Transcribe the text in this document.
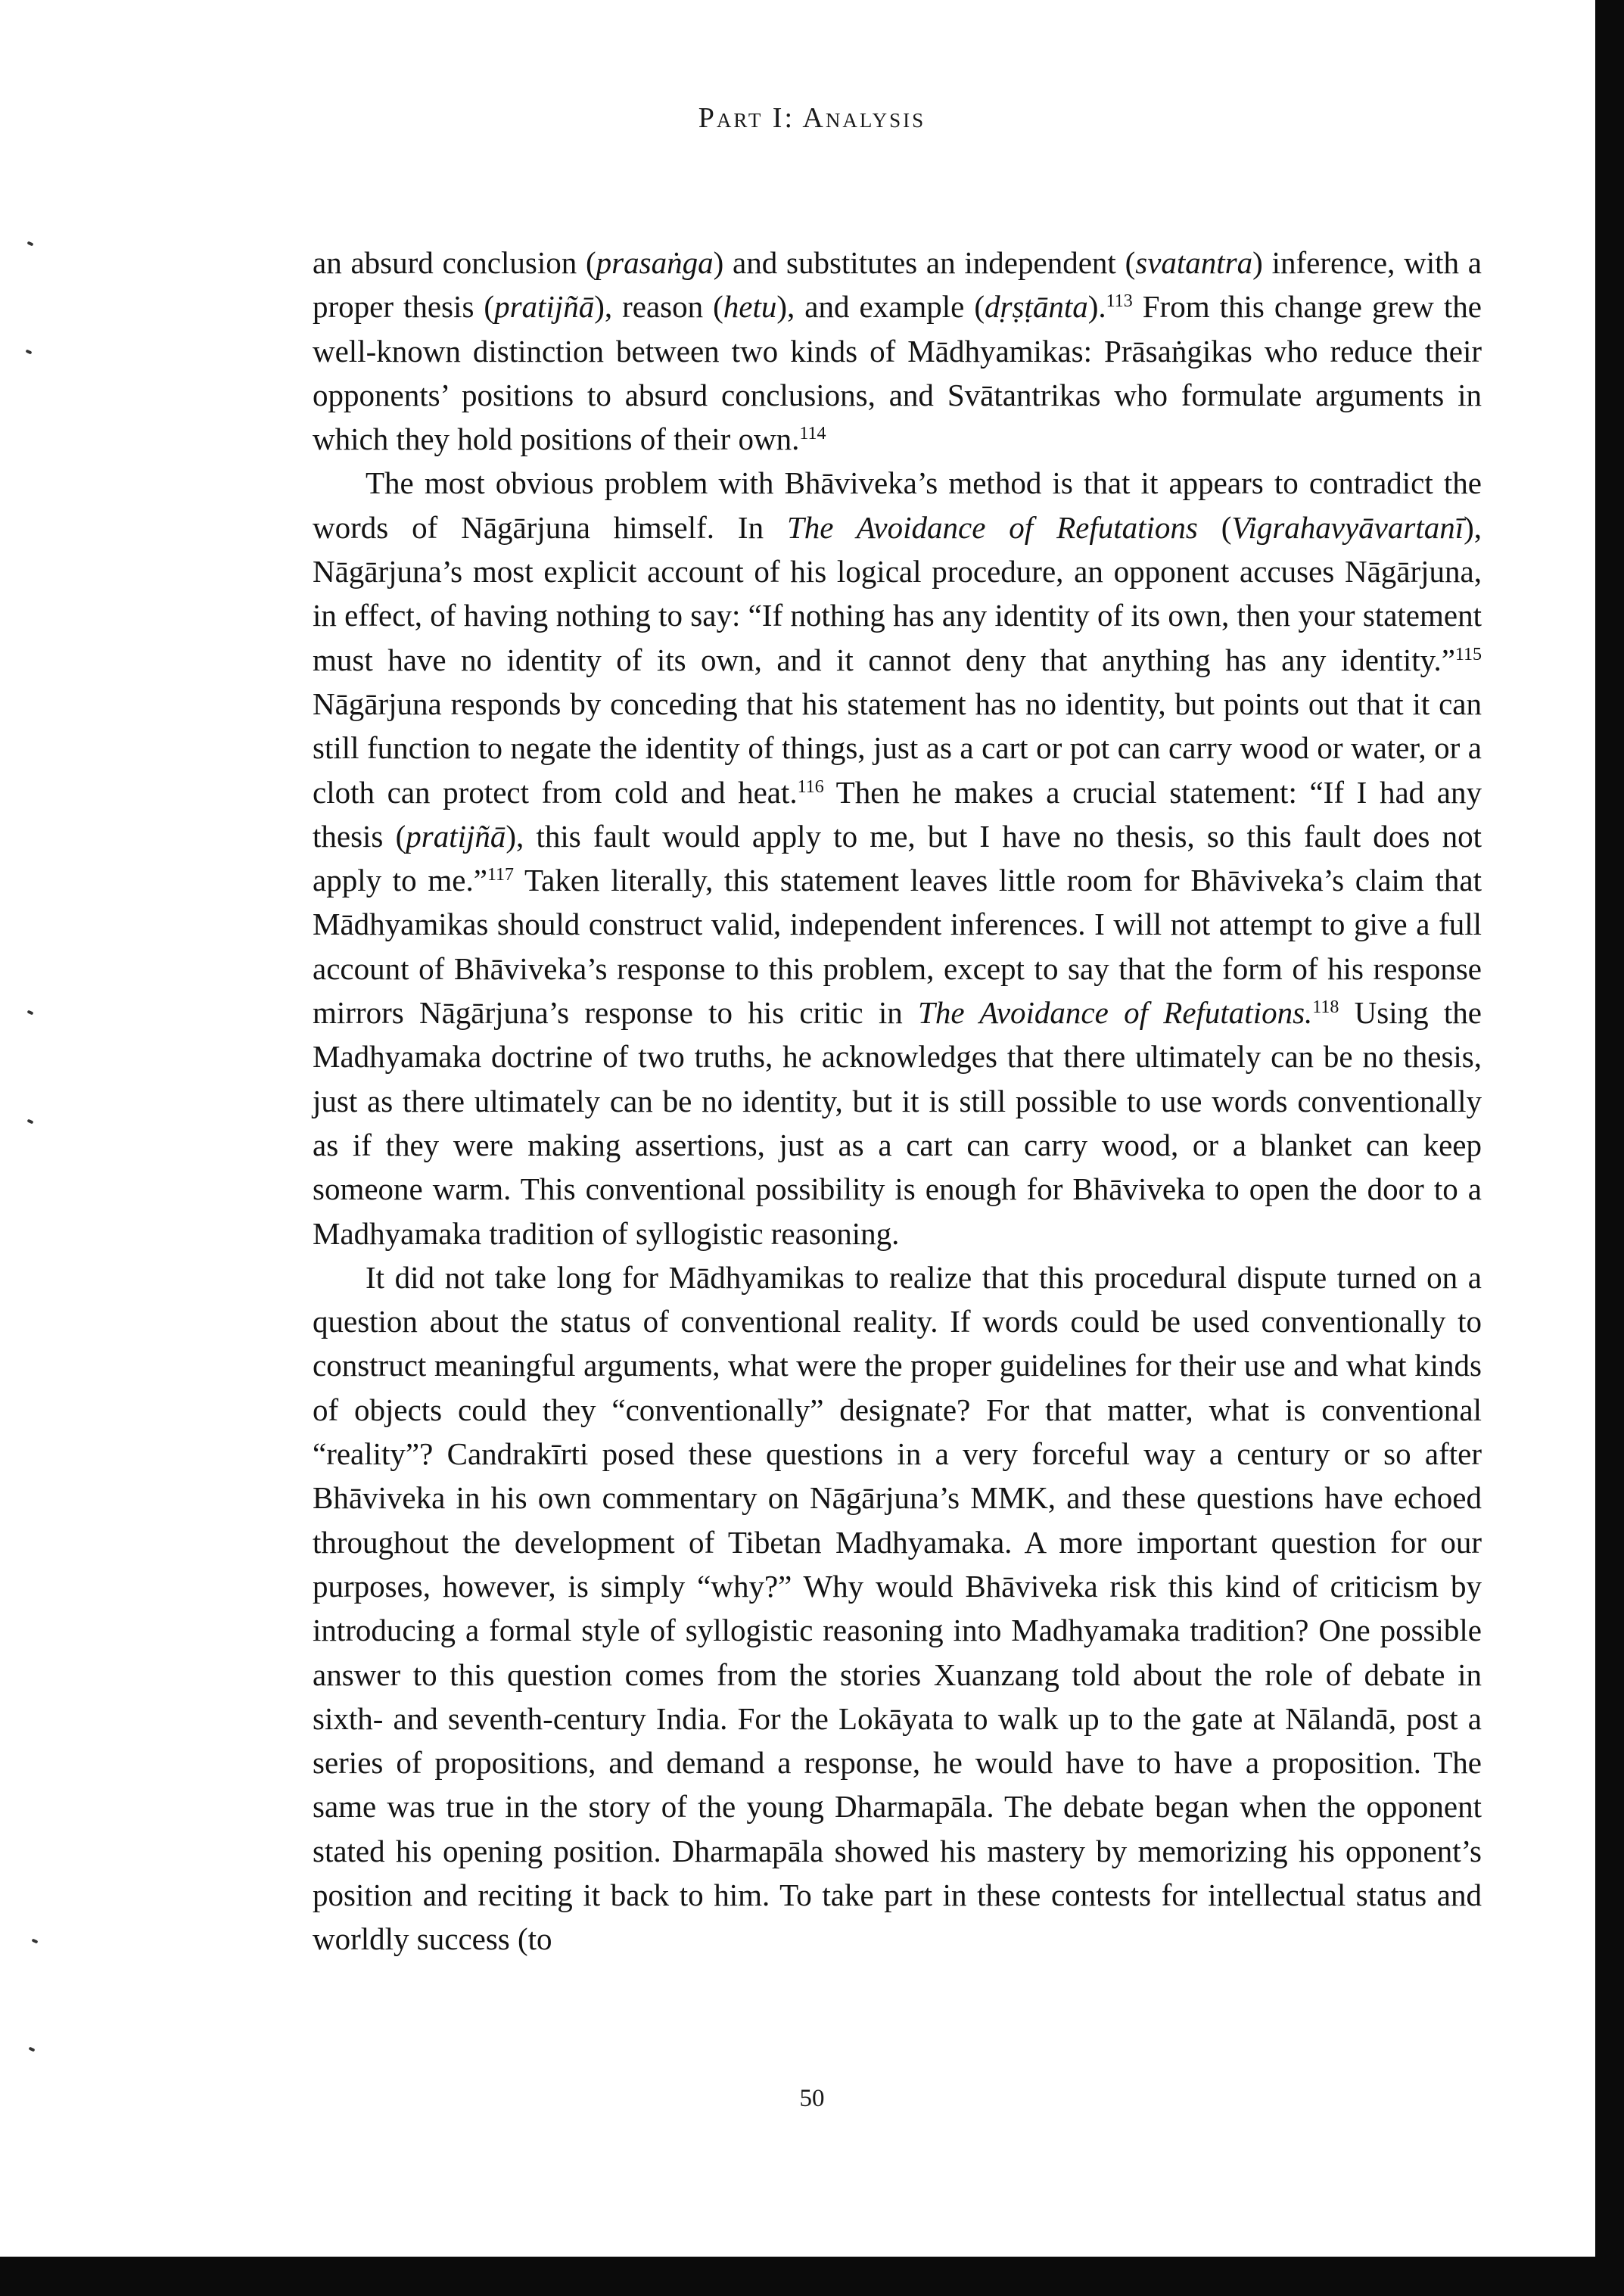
Part I: Analysis

an absurd conclusion (prasaṅga) and substitutes an independent (svatantra) inference, with a proper thesis (pratijñā), reason (hetu), and example (dṛṣṭānta).$^{113}$ From this change grew the well-known distinction between two kinds of Mādhyamikas: Prāsaṅgikas who reduce their opponents’ positions to absurd conclusions, and Svātantrikas who formulate arguments in which they hold positions of their own.$^{114}$

The most obvious problem with Bhāviveka’s method is that it appears to contradict the words of Nāgārjuna himself. In The Avoidance of Refutations (Vigrahavyāvartanī), Nāgārjuna’s most explicit account of his logical procedure, an opponent accuses Nāgārjuna, in effect, of having nothing to say: “If nothing has any identity of its own, then your statement must have no identity of its own, and it cannot deny that anything has any identity.”$^{115}$ Nāgārjuna responds by conceding that his statement has no identity, but points out that it can still function to negate the identity of things, just as a cart or pot can carry wood or water, or a cloth can protect from cold and heat.$^{116}$ Then he makes a crucial statement: “If I had any thesis (pratijñā), this fault would apply to me, but I have no thesis, so this fault does not apply to me.”$^{117}$ Taken literally, this statement leaves little room for Bhāviveka’s claim that Mādhyamikas should construct valid, independent inferences. I will not attempt to give a full account of Bhāviveka’s response to this problem, except to say that the form of his response mirrors Nāgārjuna’s response to his critic in The Avoidance of Refutations.$^{118}$ Using the Madhyamaka doctrine of two truths, he acknowledges that there ultimately can be no thesis, just as there ultimately can be no identity, but it is still possible to use words conventionally as if they were making assertions, just as a cart can carry wood, or a blanket can keep someone warm. This conventional possibility is enough for Bhāviveka to open the door to a Madhyamaka tradition of syllogistic reasoning.

It did not take long for Mādhyamikas to realize that this procedural dispute turned on a question about the status of conventional reality. If words could be used conventionally to construct meaningful arguments, what were the proper guidelines for their use and what kinds of objects could they “conventionally” designate? For that matter, what is conventional “reality”? Candrakīrti posed these questions in a very forceful way a century or so after Bhāviveka in his own commentary on Nāgārjuna’s MMK, and these questions have echoed throughout the development of Tibetan Madhyamaka. A more important question for our purposes, however, is simply “why?” Why would Bhāviveka risk this kind of criticism by introducing a formal style of syllogistic reasoning into Madhyamaka tradition? One possible answer to this question comes from the stories Xuanzang told about the role of debate in sixth- and seventh-century India. For the Lokāyata to walk up to the gate at Nālandā, post a series of propositions, and demand a response, he would have to have a proposition. The same was true in the story of the young Dharmapāla. The debate began when the opponent stated his opening position. Dharmapāla showed his mastery by memorizing his opponent’s position and reciting it back to him. To take part in these contests for intellectual status and worldly success (to

50
